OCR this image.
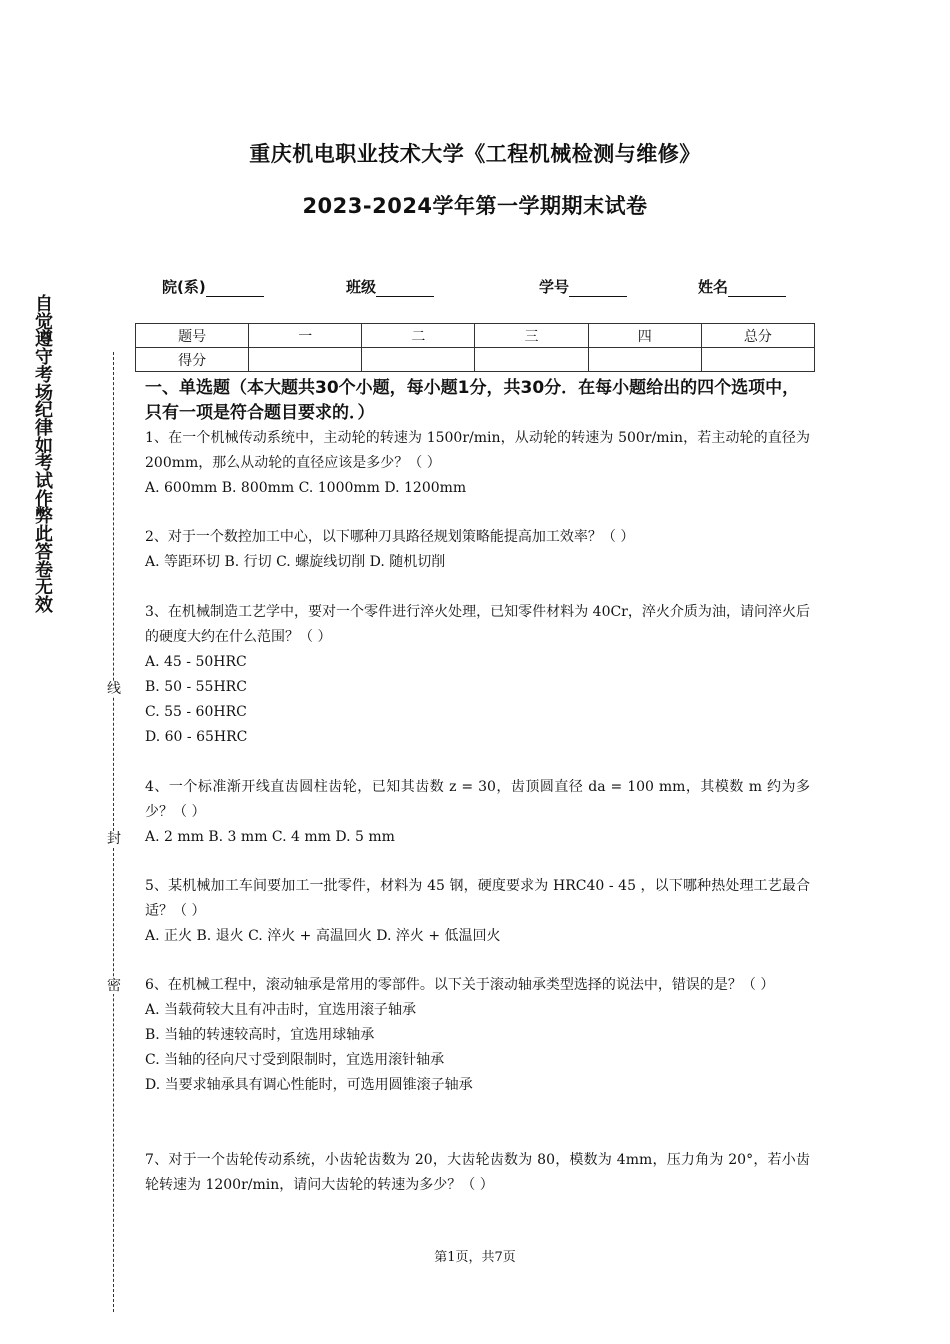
重庆机电职业技术大学《工程机械检测与维修》
2023-2024学年第一学期期末试卷
院(系)	班级	学号	姓名
题号	一	二	三	四	总分
得分					
自
觉
遵
守
考
场
纪
律
如
考
试
作
弊
此
答
卷
无
效
线
封
密
一、单选题（本大题共30个小题，每小题1分，共30分．在每小题给出的四个选项中，只有一项是符合题目要求的．）

1、在一个机械传动系统中，主动轮的转速为 1500r/min，从动轮的转速为 500r/min，若主动轮的直径为 200mm，那么从动轮的直径应该是多少？（ ）

A. 600mm B. 800mm C. 1000mm D. 1200mm

2、对于一个数控加工中心，以下哪种刀具路径规划策略能提高加工效率？（ ）

A. 等距环切 B. 行切 C. 螺旋线切削 D. 随机切削

3、在机械制造工艺学中，要对一个零件进行淬火处理，已知零件材料为 40Cr，淬火介质为油，请问淬火后的硬度大约在什么范围？（ ）

A. 45 - 50HRC

B. 50 - 55HRC

C. 55 - 60HRC

D. 60 - 65HRC

4、一个标准渐开线直齿圆柱齿轮，已知其齿数 z = 30，齿顶圆直径 da = 100 mm，其模数 m 约为多少？（ ）

A. 2 mm B. 3 mm C. 4 mm D. 5 mm

5、某机械加工车间要加工一批零件，材料为 45 钢，硬度要求为 HRC40 - 45 ，以下哪种热处理工艺最合适？（ ）

A. 正火 B. 退火 C. 淬火 + 高温回火 D. 淬火 + 低温回火

6、在机械工程中，滚动轴承是常用的零部件。以下关于滚动轴承类型选择的说法中，错误的是？（ ）

A. 当载荷较大且有冲击时，宜选用滚子轴承

B. 当轴的转速较高时，宜选用球轴承

C. 当轴的径向尺寸受到限制时，宜选用滚针轴承

D. 当要求轴承具有调心性能时，可选用圆锥滚子轴承

7、对于一个齿轮传动系统，小齿轮齿数为 20，大齿轮齿数为 80，模数为 4mm，压力角为 20°，若小齿轮转速为 1200r/min，请问大齿轮的转速为多少？（ ）

第1页，共7页
